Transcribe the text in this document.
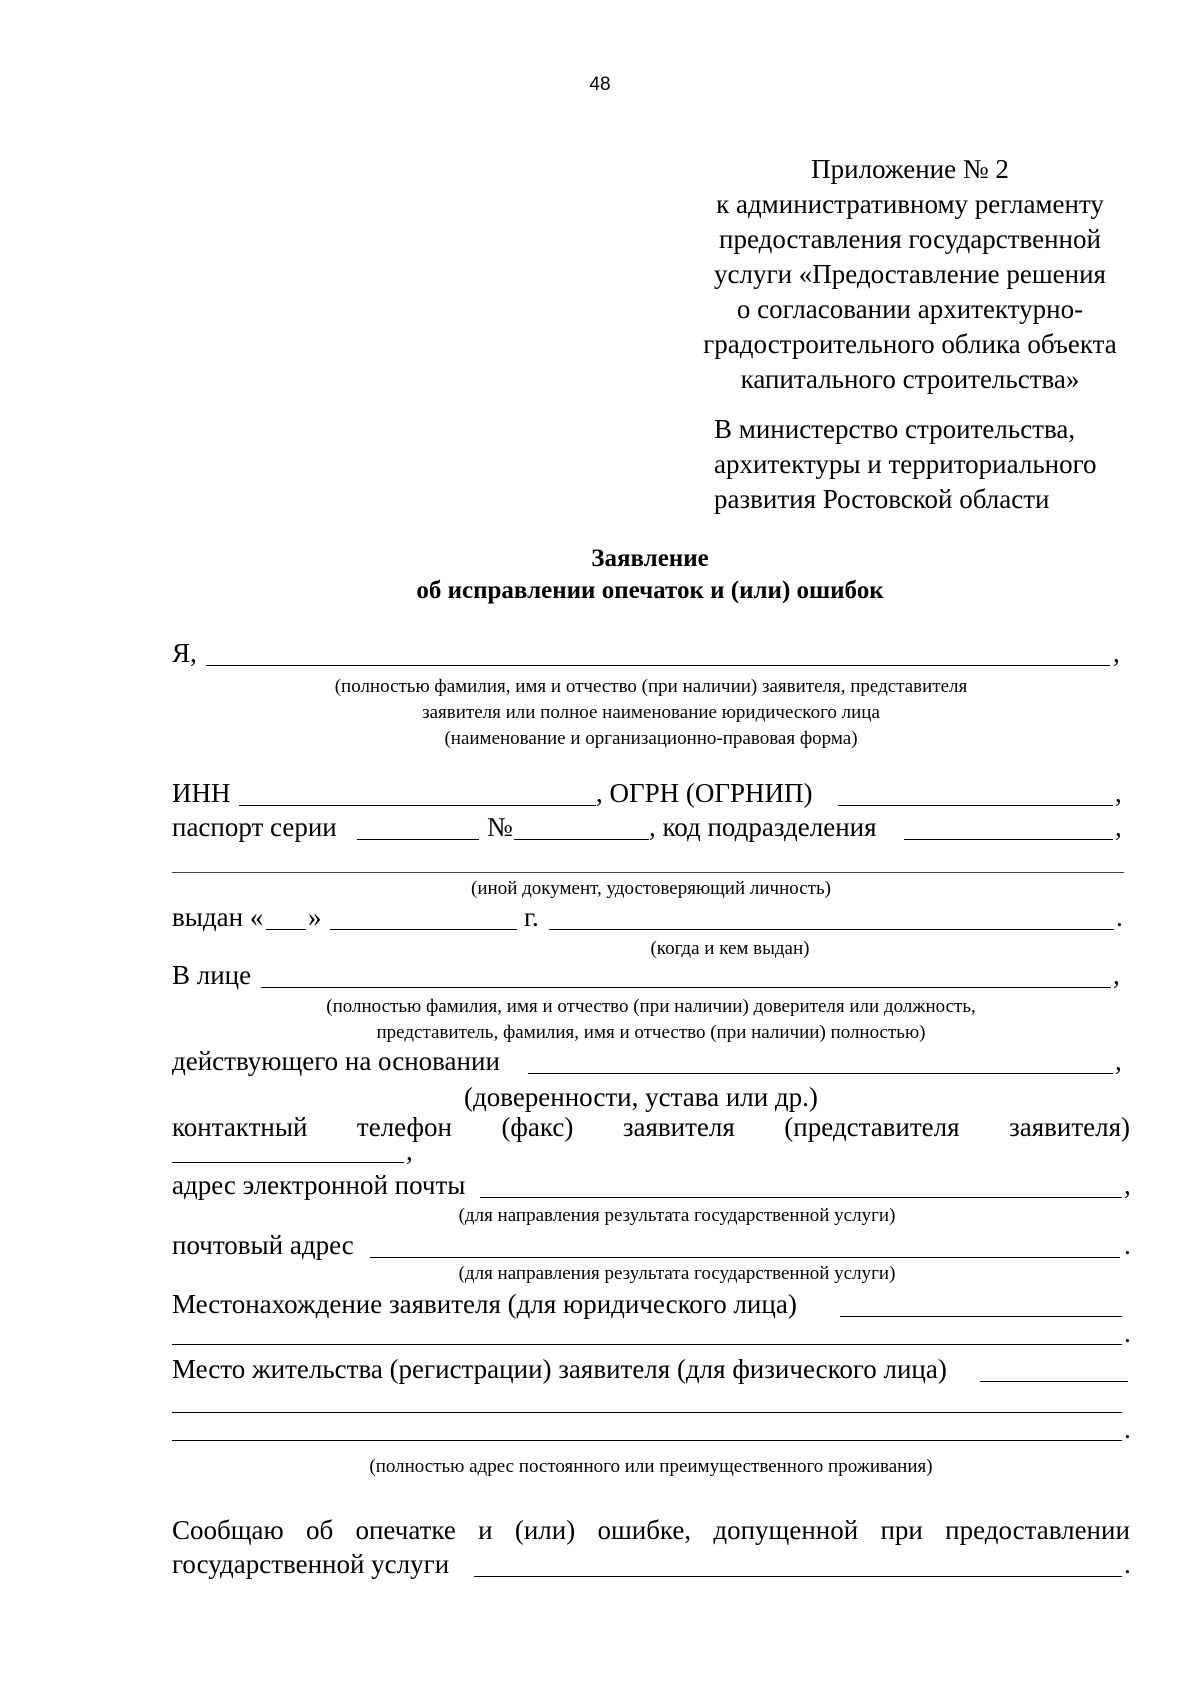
48
Приложение № 2
к административному регламенту
предоставления государственной
услуги «Предоставление решения
о согласовании архитектурно-
градостроительного облика объекта
капитального строительства»
В министерство строительства,
архитектуры и территориального
развития Ростовской области
Заявление
об исправлении опечаток и (или) ошибок
Я,	,
(полностью фамилия, имя и отчество (при наличии) заявителя, представителя
заявителя или полное наименование юридического лица
(наименование и организационно-правовая форма)
ИНН	, ОГРН (ОГРНИП)	,
паспорт серии	№	, код подразделения	,
(иной документ, удостоверяющий личность)
выдан « »	г.	.
(когда и кем выдан)
В лице	,
(полностью фамилия, имя и отчество (при наличии) доверителя или должность,
представитель, фамилия, имя и отчество (при наличии) полностью)
действующего на основании	,
(доверенности, устава или др.)
контактный телефон (факс) заявителя (представителя заявителя)
,
адрес электронной почты	,
(для направления результата государственной услуги)
почтовый адрес	.
(для направления результата государственной услуги)
Местонахождение заявителя (для юридического лица)
.
Место жительства (регистрации) заявителя (для физического лица)
.
(полностью адрес постоянного или преимущественного проживания)
Сообщаю об опечатке и (или) ошибке, допущенной при предоставлении
государственной услуги	.
